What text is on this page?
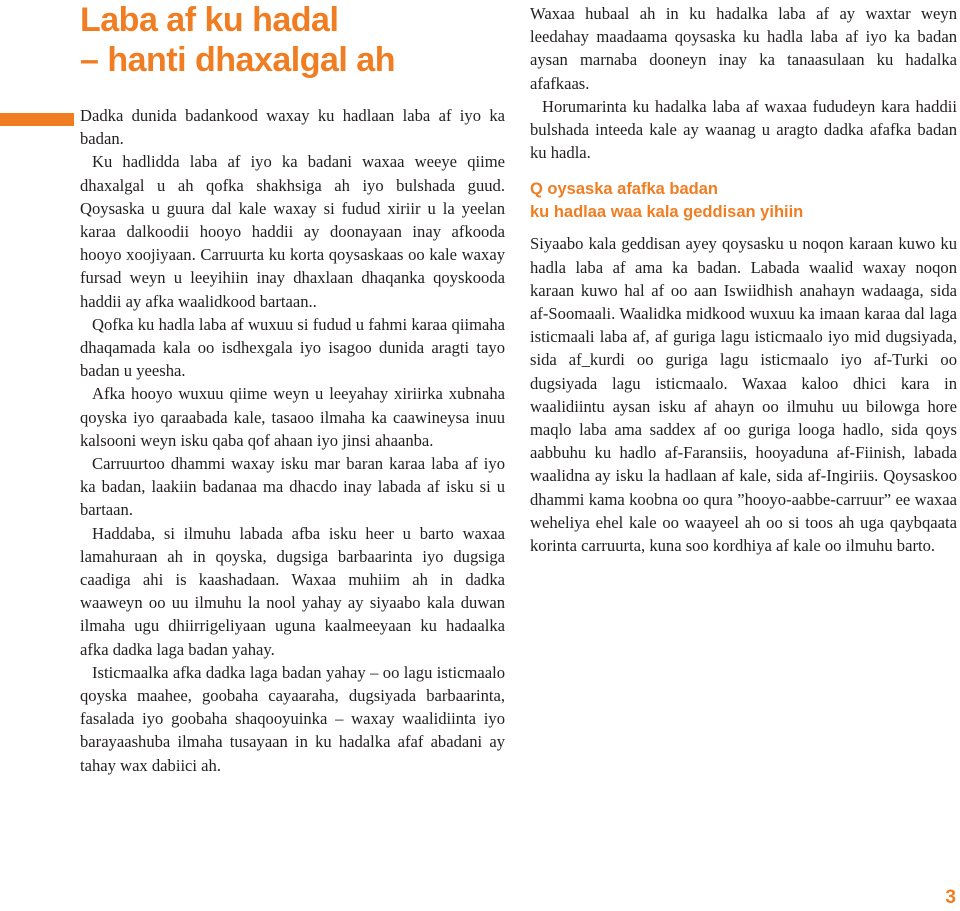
Laba af ku hadal
– hanti dhaxalgal ah

Dadka dunida badankood waxay ku hadlaan laba af iyo ka badan.

Ku hadlidda laba af iyo ka badani waxaa weeye qiime dhaxalgal u ah qofka shakhsiga ah iyo bulshada guud. Qoysaska u guura dal kale waxay si fudud xiriir u la yeelan karaa dalkoodii hooyo haddii ay doonayaan inay afkooda hooyo xoojiyaan. Carruurta ku korta qoysaskaas oo kale waxay fursad weyn u leeyihiin inay dhaxlaan dhaqanka qoyskooda haddii ay afka waalidkood bartaan..

Qofka ku hadla laba af wuxuu si fudud u fahmi karaa qiimaha dhaqamada kala oo isdhexgala iyo isagoo dunida aragti tayo badan u yeesha.

Afka hooyo wuxuu qiime weyn u leeyahay xiriirka xubnaha qoyska iyo qaraabada kale, tasaoo ilmaha ka caawineysa inuu kalsooni weyn isku qaba qof ahaan iyo jinsi ahaanba.

Carruurtoo dhammi waxay isku mar baran karaa laba af iyo ka badan, laakiin badanaa ma dhacdo inay labada af isku si u bartaan.

Haddaba, si ilmuhu labada afba isku heer u barto waxaa lamahuraan ah in qoyska, dugsiga barbaarinta iyo dugsiga caadiga ahi is kaashadaan. Waxaa muhiim ah in dadka waaweyn oo uu ilmuhu la nool yahay ay siyaabo kala duwan ilmaha ugu dhiirrigeliyaan uguna kaalmeeyaan ku hadaalka afka dadka laga badan yahay.

Isticmaalka afka dadka laga badan yahay – oo lagu isticmaalo qoyska maahee, goobaha cayaaraha, dugsiyada barbaarinta, fasalada iyo goobaha shaqooyuinka – waxay waalidiinta iyo barayaashuba ilmaha tusayaan in ku hadalka afaf abadani ay tahay wax dabiici ah.

Waxaa hubaal ah in ku hadalka laba af ay waxtar weyn leedahay maadaama qoysaska ku hadla laba af iyo ka badan aysan marnaba dooneyn inay ka tanaasulaan ku hadalka afafkaas.

Horumarinta ku hadalka laba af waxaa fududeyn kara haddii bulshada inteeda kale ay waanag u aragto dadka afafka badan ku hadla.

Q oysaska afafka badan
ku hadlaa waa kala geddisan yihiin

Siyaabo kala geddisan ayey qoysasku u noqon karaan kuwo ku hadla laba af ama ka badan. Labada waalid waxay noqon karaan kuwo hal af oo aan Iswiidhish anahayn wadaaga, sida af-Soomaali. Waalidka midkood wuxuu ka imaan karaa dal laga isticmaali laba af, af guriga lagu isticmaalo iyo mid dugsiyada, sida af_kurdi oo guriga lagu isticmaalo iyo af-Turki oo dugsiyada lagu isticmaalo. Waxaa kaloo dhici kara in waalidiintu aysan isku af ahayn oo ilmuhu uu bilowga hore maqlo laba ama saddex af oo guriga looga hadlo, sida qoys aabbuhu ku hadlo af-Faransiis, hooyaduna af-Fiinish, labada waalidna ay isku la hadlaan af kale, sida af-Ingiriis. Qoysaskoo dhammi kama koobna oo qura ”hooyo-aabbe-carruur” ee waxaa weheliya ehel kale oo waayeel ah oo si toos ah uga qaybqaata korinta carruurta, kuna soo kordhiya af kale oo ilmuhu barto.

3
